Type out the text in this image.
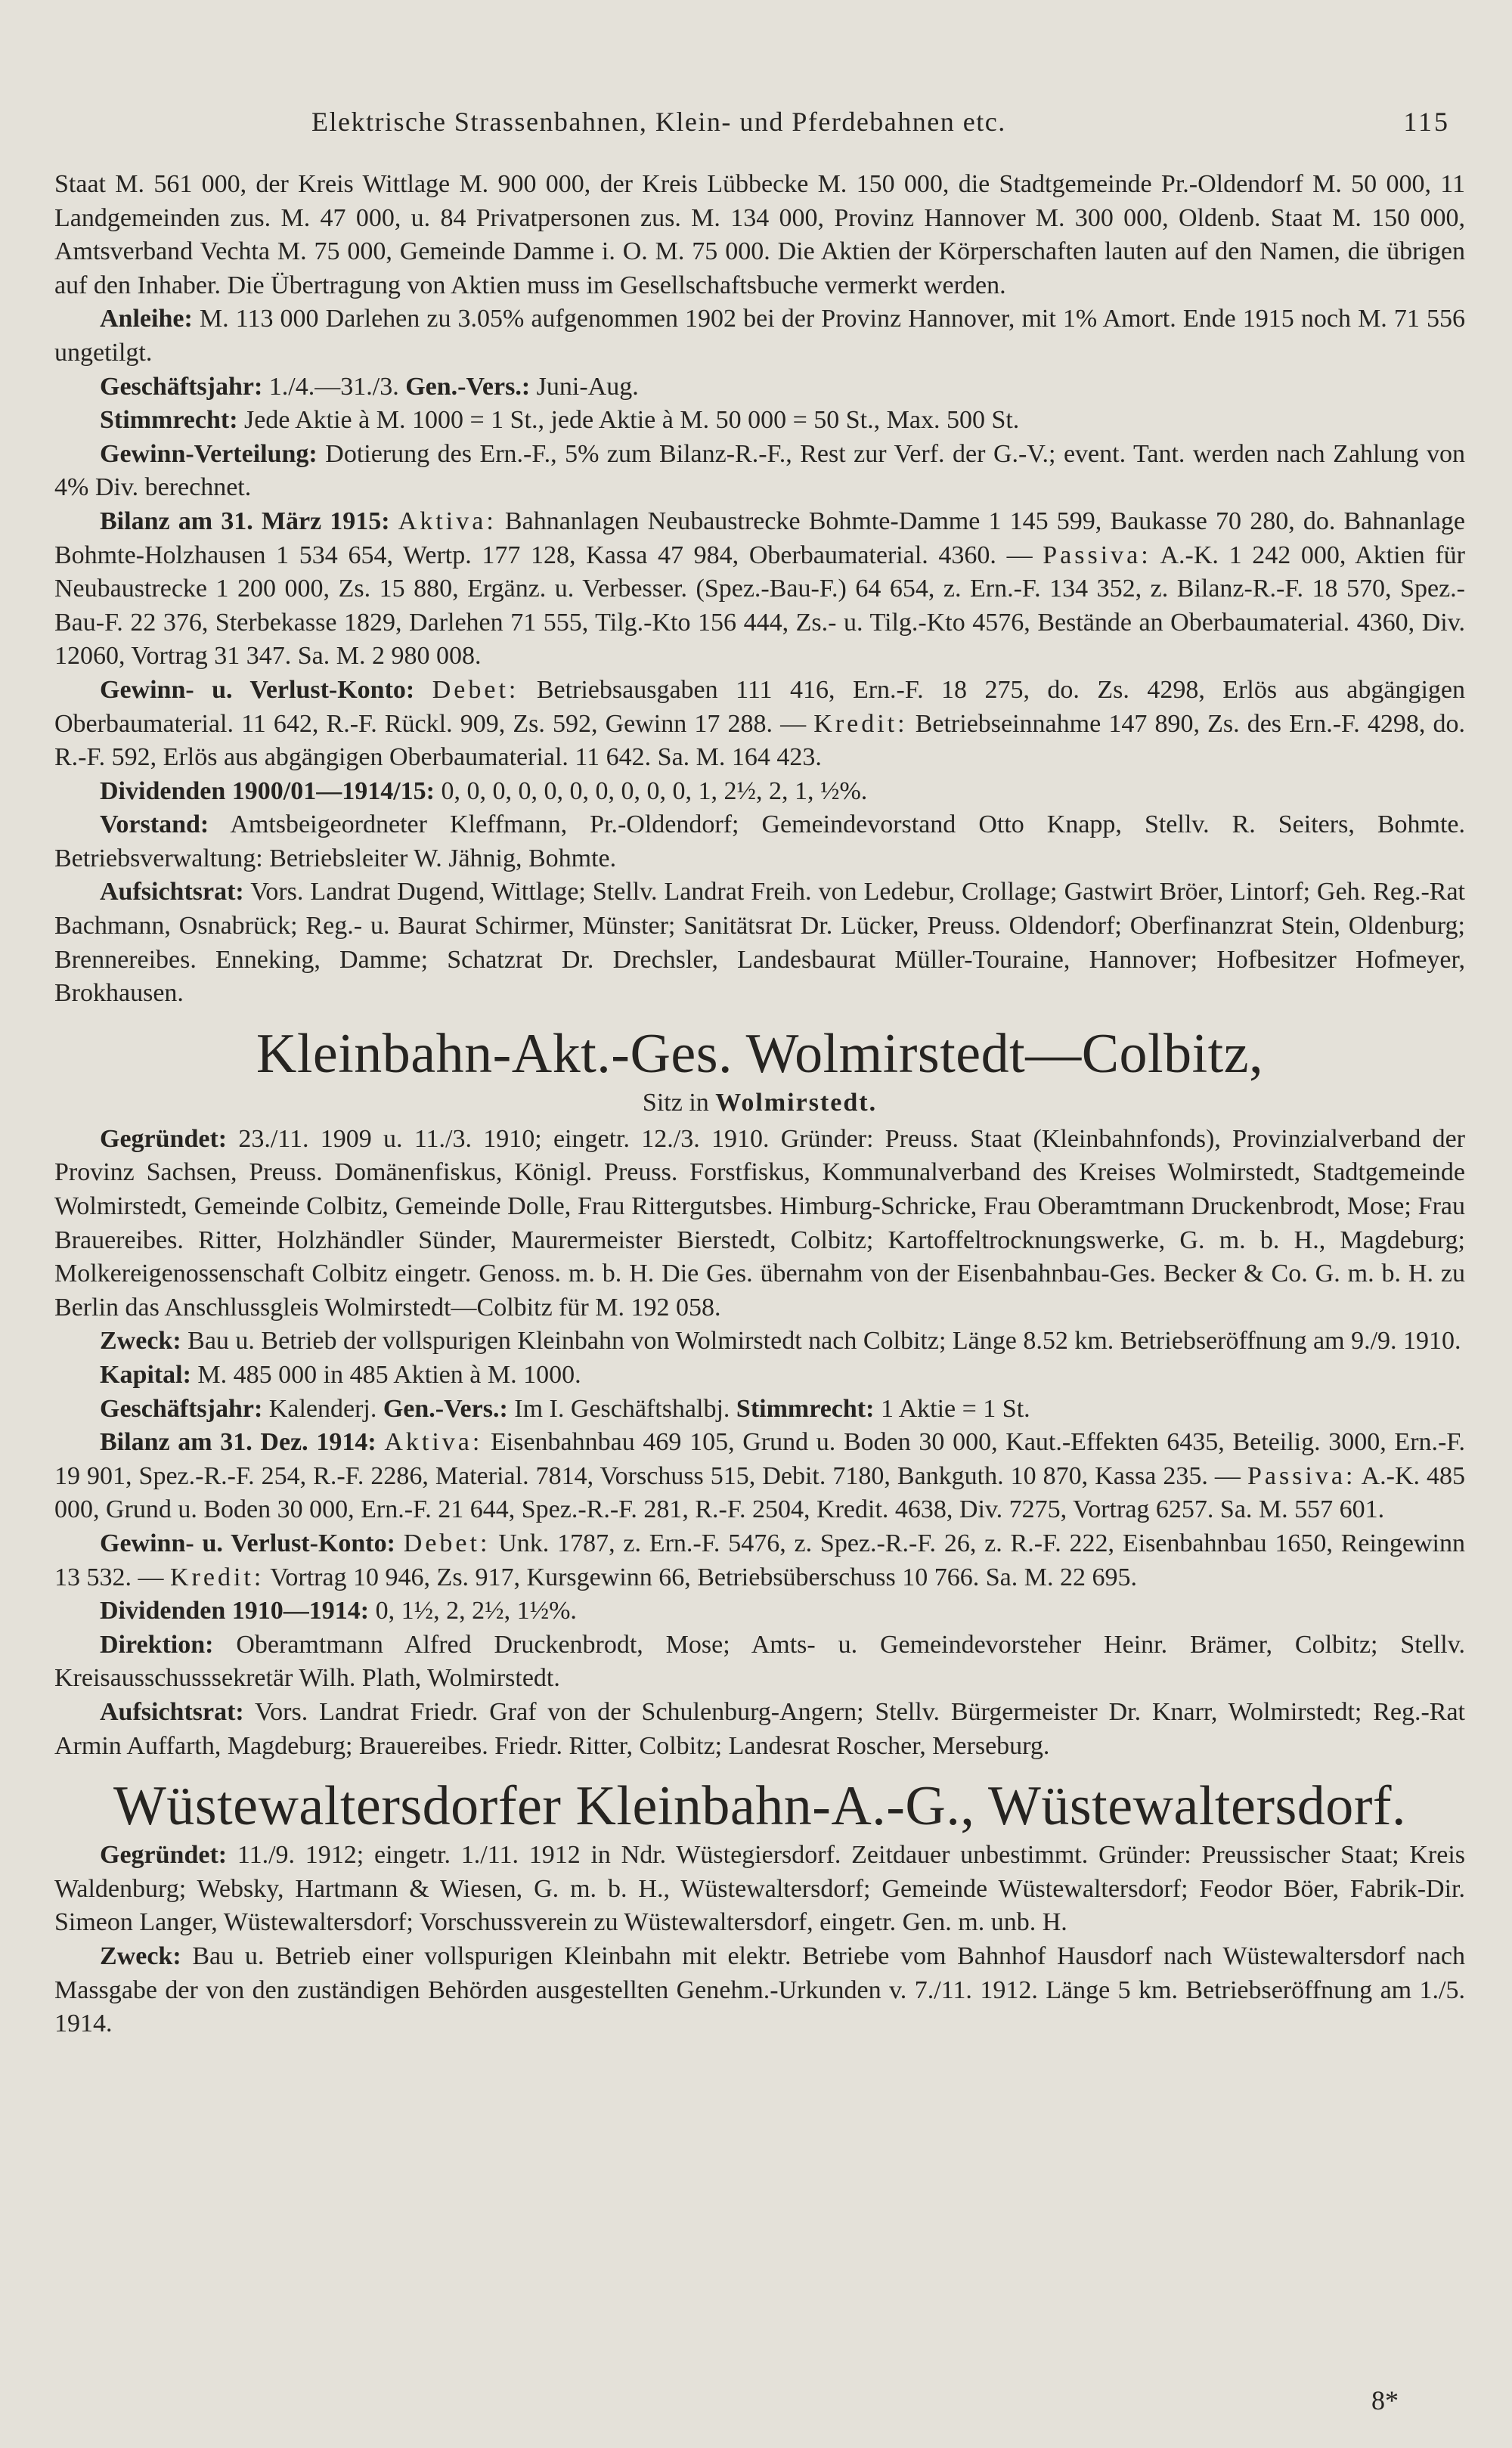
Elektrische Strassenbahnen, Klein- und Pferdebahnen etc.	115

Staat M. 561 000, der Kreis Wittlage M. 900 000, der Kreis Lübbecke M. 150 000, die Stadtgemeinde Pr.-Oldendorf M. 50 000, 11 Landgemeinden zus. M. 47 000, u. 84 Privatpersonen zus. M. 134 000, Provinz Hannover M. 300 000, Oldenb. Staat M. 150 000, Amtsverband Vechta M. 75 000, Gemeinde Damme i. O. M. 75 000. Die Aktien der Körperschaften lauten auf den Namen, die übrigen auf den Inhaber. Die Übertragung von Aktien muss im Gesellschaftsbuche vermerkt werden.

Anleihe: M. 113 000 Darlehen zu 3.05% aufgenommen 1902 bei der Provinz Hannover, mit 1% Amort. Ende 1915 noch M. 71 556 ungetilgt.

Geschäftsjahr: 1./4.—31./3. Gen.-Vers.: Juni-Aug.

Stimmrecht: Jede Aktie à M. 1000 = 1 St., jede Aktie à M. 50 000 = 50 St., Max. 500 St.

Gewinn-Verteilung: Dotierung des Ern.-F., 5% zum Bilanz-R.-F., Rest zur Verf. der G.-V.; event. Tant. werden nach Zahlung von 4% Div. berechnet.

Bilanz am 31. März 1915: Aktiva: Bahnanlagen Neubaustrecke Bohmte-Damme 1 145 599, Baukasse 70 280, do. Bahnanlage Bohmte-Holzhausen 1 534 654, Wertp. 177 128, Kassa 47 984, Oberbaumaterial. 4360. — Passiva: A.-K. 1 242 000, Aktien für Neubaustrecke 1 200 000, Zs. 15 880, Ergänz. u. Verbesser. (Spez.-Bau-F.) 64 654, z. Ern.-F. 134 352, z. Bilanz-R.-F. 18 570, Spez.-Bau-F. 22 376, Sterbekasse 1829, Darlehen 71 555, Tilg.-Kto 156 444, Zs.- u. Tilg.-Kto 4576, Bestände an Oberbaumaterial. 4360, Div. 12060, Vortrag 31 347. Sa. M. 2 980 008.

Gewinn- u. Verlust-Konto: Debet: Betriebsausgaben 111 416, Ern.-F. 18 275, do. Zs. 4298, Erlös aus abgängigen Oberbaumaterial. 11 642, R.-F. Rückl. 909, Zs. 592, Gewinn 17 288. — Kredit: Betriebseinnahme 147 890, Zs. des Ern.-F. 4298, do. R.-F. 592, Erlös aus abgängigen Oberbaumaterial. 11 642. Sa. M. 164 423.

Dividenden 1900/01—1914/15: 0, 0, 0, 0, 0, 0, 0, 0, 0, 0, 1, 2½, 2, 1, ½%.

Vorstand: Amtsbeigeordneter Kleffmann, Pr.-Oldendorf; Gemeindevorstand Otto Knapp, Stellv. R. Seiters, Bohmte. Betriebsverwaltung: Betriebsleiter W. Jähnig, Bohmte.

Aufsichtsrat: Vors. Landrat Dugend, Wittlage; Stellv. Landrat Freih. von Ledebur, Crollage; Gastwirt Bröer, Lintorf; Geh. Reg.-Rat Bachmann, Osnabrück; Reg.- u. Baurat Schirmer, Münster; Sanitätsrat Dr. Lücker, Preuss. Oldendorf; Oberfinanzrat Stein, Oldenburg; Brennereibes. Enneking, Damme; Schatzrat Dr. Drechsler, Landesbaurat Müller-Touraine, Hannover; Hofbesitzer Hofmeyer, Brokhausen.

Kleinbahn-Akt.-Ges. Wolmirstedt—Colbitz,
Sitz in Wolmirstedt.

Gegründet: 23./11. 1909 u. 11./3. 1910; eingetr. 12./3. 1910. Gründer: Preuss. Staat (Kleinbahnfonds), Provinzialverband der Provinz Sachsen, Preuss. Domänenfiskus, Königl. Preuss. Forstfiskus, Kommunalverband des Kreises Wolmirstedt, Stadtgemeinde Wolmirstedt, Gemeinde Colbitz, Gemeinde Dolle, Frau Rittergutsbes. Himburg-Schricke, Frau Oberamtmann Druckenbrodt, Mose; Frau Brauereibes. Ritter, Holzhändler Sünder, Maurermeister Bierstedt, Colbitz; Kartoffeltrocknungswerke, G. m. b. H., Magdeburg; Molkereigenossenschaft Colbitz eingetr. Genoss. m. b. H. Die Ges. übernahm von der Eisenbahnbau-Ges. Becker & Co. G. m. b. H. zu Berlin das Anschlussgleis Wolmirstedt—Colbitz für M. 192 058.

Zweck: Bau u. Betrieb der vollspurigen Kleinbahn von Wolmirstedt nach Colbitz; Länge 8.52 km. Betriebseröffnung am 9./9. 1910.

Kapital: M. 485 000 in 485 Aktien à M. 1000.

Geschäftsjahr: Kalenderj. Gen.-Vers.: Im I. Geschäftshalbj. Stimmrecht: 1 Aktie = 1 St.

Bilanz am 31. Dez. 1914: Aktiva: Eisenbahnbau 469 105, Grund u. Boden 30 000, Kaut.-Effekten 6435, Beteilig. 3000, Ern.-F. 19 901, Spez.-R.-F. 254, R.-F. 2286, Material. 7814, Vorschuss 515, Debit. 7180, Bankguth. 10 870, Kassa 235. — Passiva: A.-K. 485 000, Grund u. Boden 30 000, Ern.-F. 21 644, Spez.-R.-F. 281, R.-F. 2504, Kredit. 4638, Div. 7275, Vortrag 6257. Sa. M. 557 601.

Gewinn- u. Verlust-Konto: Debet: Unk. 1787, z. Ern.-F. 5476, z. Spez.-R.-F. 26, z. R.-F. 222, Eisenbahnbau 1650, Reingewinn 13 532. — Kredit: Vortrag 10 946, Zs. 917, Kursgewinn 66, Betriebsüberschuss 10 766. Sa. M. 22 695.

Dividenden 1910—1914: 0, 1½, 2, 2½, 1½%.

Direktion: Oberamtmann Alfred Druckenbrodt, Mose; Amts- u. Gemeindevorsteher Heinr. Brämer, Colbitz; Stellv. Kreisausschusssekretär Wilh. Plath, Wolmirstedt.

Aufsichtsrat: Vors. Landrat Friedr. Graf von der Schulenburg-Angern; Stellv. Bürgermeister Dr. Knarr, Wolmirstedt; Reg.-Rat Armin Auffarth, Magdeburg; Brauereibes. Friedr. Ritter, Colbitz; Landesrat Roscher, Merseburg.

Wüstewaltersdorfer Kleinbahn-A.-G., Wüstewaltersdorf.

Gegründet: 11./9. 1912; eingetr. 1./11. 1912 in Ndr. Wüstegiersdorf. Zeitdauer unbestimmt. Gründer: Preussischer Staat; Kreis Waldenburg; Websky, Hartmann & Wiesen, G. m. b. H., Wüstewaltersdorf; Gemeinde Wüstewaltersdorf; Feodor Böer, Fabrik-Dir. Simeon Langer, Wüstewaltersdorf; Vorschussverein zu Wüstewaltersdorf, eingetr. Gen. m. unb. H.

Zweck: Bau u. Betrieb einer vollspurigen Kleinbahn mit elektr. Betriebe vom Bahnhof Hausdorf nach Wüstewaltersdorf nach Massgabe der von den zuständigen Behörden ausgestellten Genehm.-Urkunden v. 7./11. 1912. Länge 5 km. Betriebseröffnung am 1./5. 1914.

8*
